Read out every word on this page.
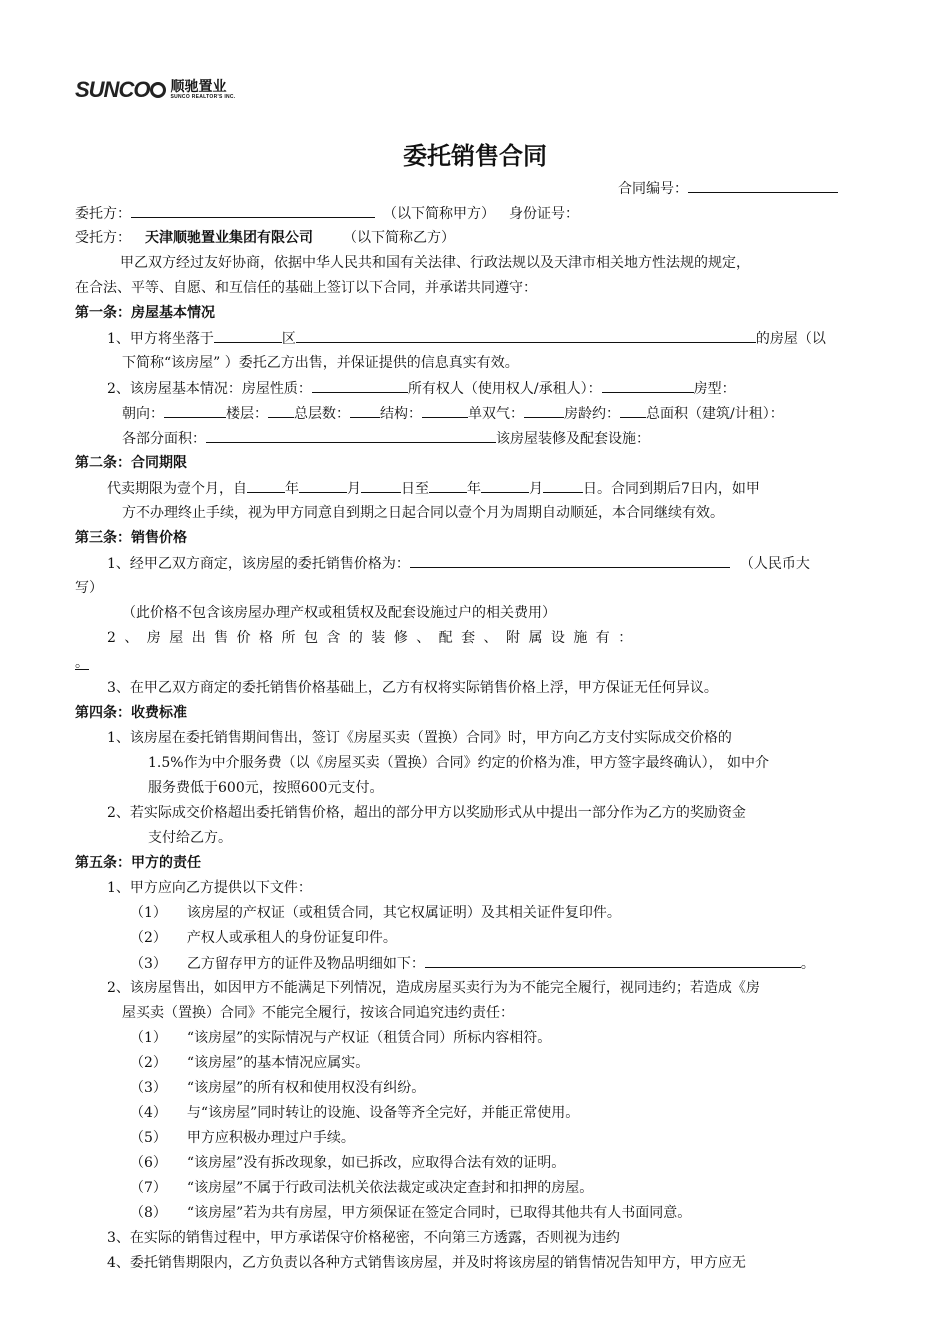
SUNCO 顺驰置业
SUNCO REALTOR'S INC.
委托销售合同
合同编号：
委托方：	（以下简称甲方） 身份证号：
受托方： 天津顺驰置业集团有限公司 （以下简称乙方）
甲乙双方经过友好协商，依据中华人民共和国有关法律、行政法规以及天津市相关地方性法规的规定，
在合法、平等、自愿、和互信任的基础上签订以下合同，并承诺共同遵守：
第一条：房屋基本情况
1、甲方将坐落于	区	的房屋（以
下简称“该房屋” ）委托乙方出售，并保证提供的信息真实有效。
2、该房屋基本情况：房屋性质：	所有权人（使用权人/承租人）：	房型：
朝向：	楼层： 总层数： 结构：	单双气：	房龄约： 总面积（建筑/计租）：
各部分面积：	该房屋装修及配套设施：
第二条：合同期限
代卖期限为壹个月，自	年	月	日至	年	月	日。合同到期后7日内，如甲
方不办理终止手续，视为甲方同意自到期之日起合同以壹个月为周期自动顺延，本合同继续有效。
第三条：销售价格
1、经甲乙双方商定，该房屋的委托销售价格为：	（人民币大
写）
（此价格不包含该房屋办理产权或租赁权及配套设施过户的相关费用）
2 、 房 屋 出 售 价 格 所 包 含 的 装 修 、 配 套 、 附 属 设 施 有 ：
。
3、在甲乙双方商定的委托销售价格基础上，乙方有权将实际销售价格上浮，甲方保证无任何异议。
第四条：收费标准
1、该房屋在委托销售期间售出，签订《房屋买卖（置换）合同》时，甲方向乙方支付实际成交价格的
1.5%作为中介服务费（以《房屋买卖（置换）合同》约定的价格为准，甲方签字最终确认）， 如中介
服务费低于600元，按照600元支付。
2、若实际成交价格超出委托销售价格，超出的部分甲方以奖励形式从中提出一部分作为乙方的奖励资金
支付给乙方。
第五条：甲方的责任
1、甲方应向乙方提供以下文件：
（1） 该房屋的产权证（或租赁合同，其它权属证明）及其相关证件复印件。
（2） 产权人或承租人的身份证复印件。
（3） 乙方留存甲方的证件及物品明细如下：	。
2、该房屋售出，如因甲方不能满足下列情况，造成房屋买卖行为为不能完全履行，视同违约；若造成《房
屋买卖（置换）合同》不能完全履行，按该合同追究违约责任：
（1） “该房屋”的实际情况与产权证（租赁合同）所标内容相符。
（2） “该房屋”的基本情况应属实。
（3） “该房屋”的所有权和使用权没有纠纷。
（4） 与“该房屋”同时转让的设施、设备等齐全完好，并能正常使用。
（5） 甲方应积极办理过户手续。
（6） “该房屋”没有拆改现象，如已拆改，应取得合法有效的证明。
（7） “该房屋”不属于行政司法机关依法裁定或决定查封和扣押的房屋。
（8） “该房屋”若为共有房屋，甲方须保证在签定合同时，已取得其他共有人书面同意。
3、在实际的销售过程中，甲方承诺保守价格秘密，不向第三方透露，否则视为违约
4、委托销售期限内，乙方负责以各种方式销售该房屋，并及时将该房屋的销售情况告知甲方，甲方应无
